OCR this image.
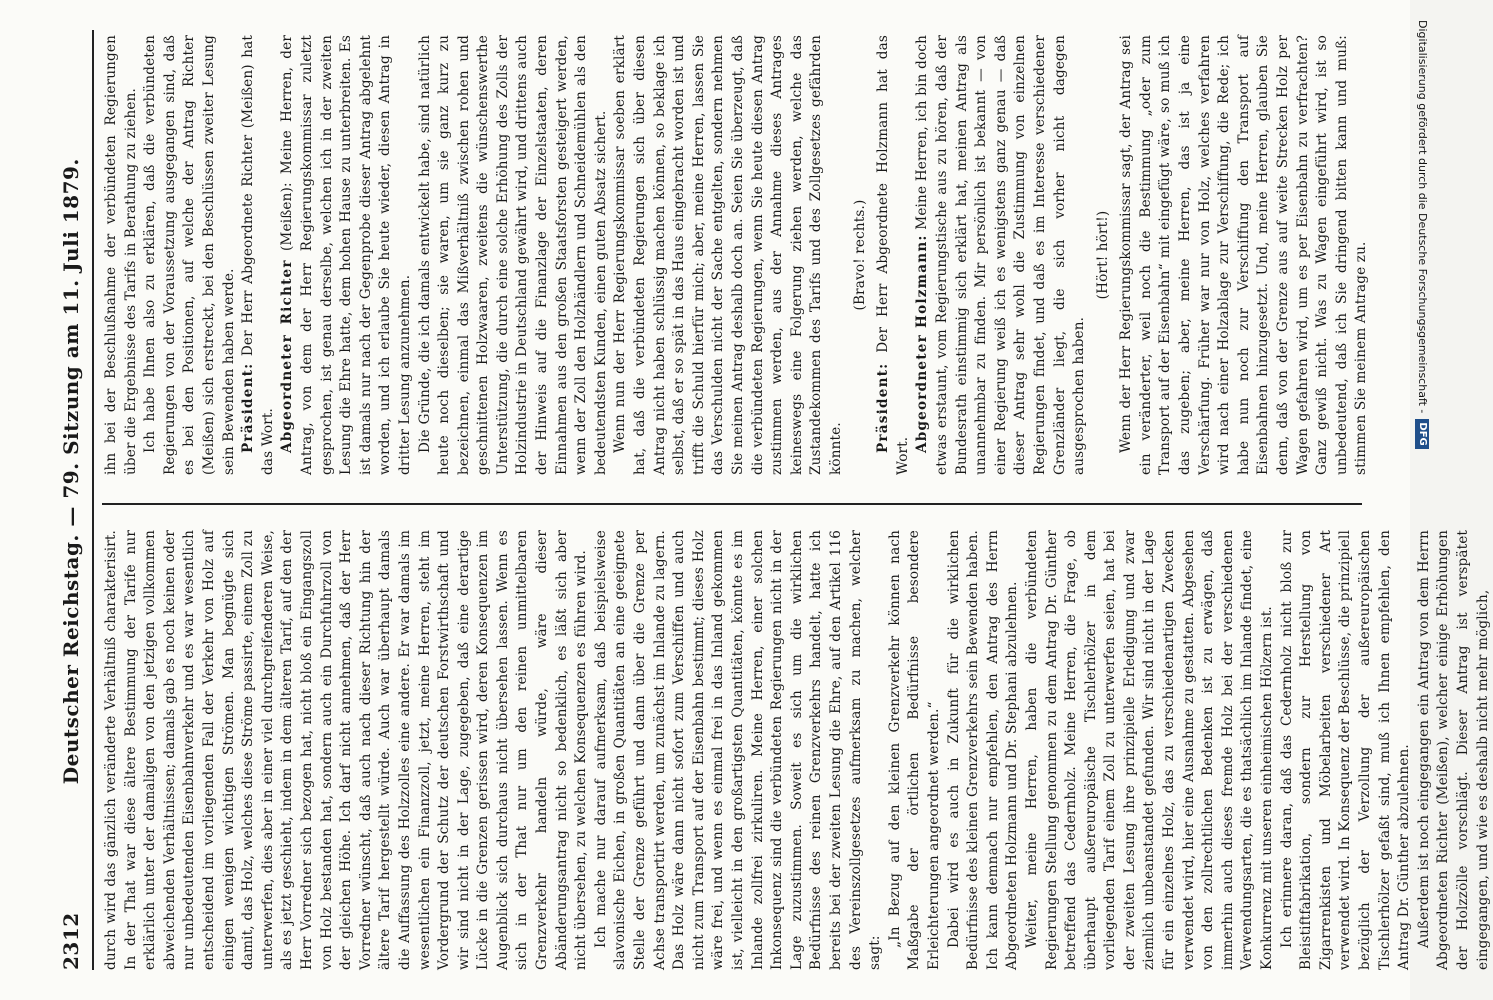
2312
Deutscher Reichstag. — 79. Sitzung am 11. Juli 1879. durch wird das gänzlich veränderte Verhältniß charakterisirt. In der That war diese ältere Bestimmung der Tarife nur erklärlich unter der damaligen von den jetzigen vollkommen abweichenden Verhältnissen; damals gab es noch keinen oder nur unbedeutenden Eisenbahnverkehr und es war wesentlich entscheidend im vorliegenden Fall der Verkehr von Holz auf einigen wenigen wichtigen Strömen. Man begnügte sich damit, das Holz, welches diese Ströme passirte, einem Zoll zu unterwerfen, dies aber in einer viel durchgreifenderen Weise, als es jetzt geschieht, indem in dem älteren Tarif, auf den der Herr Vorredner sich bezogen hat, nicht bloß ein Eingangszoll von Holz bestanden hat, sondern auch ein Durchfuhrzoll von der gleichen Höhe. Ich darf nicht annehmen, daß der Herr Vorredner wünscht, daß auch nach dieser Richtung hin der ältere Tarif hergestellt würde. Auch war überhaupt damals die Auffassung des Holzzolles eine andere. Er war damals im wesentlichen ein Finanzzoll, jetzt, meine Herren, steht im Vordergrund der Schutz der deutschen Forstwirthschaft und wir sind nicht in der Lage, zugegeben, daß eine derartige Lücke in die Grenzen gerissen wird, deren Konsequenzen im Augenblick sich durchaus nicht übersehen lassen. Wenn es sich in der That nur um den reinen unmittelbaren Grenzverkehr handeln würde, wäre dieser Abänderungsantrag nicht so bedenklich, es läßt sich aber nicht übersehen, zu welchen Konsequenzen es führen wird. Ich mache nur darauf aufmerksam, daß beispielsweise slavonische Eichen, in großen Quantitäten an eine geeignete Stelle der Grenze geführt und dann über die Grenze per Achse transportirt werden, um zunächst im Inlande zu lagern. Das Holz wäre dann nicht sofort zum Verschiffen und auch nicht zum Transport auf der Eisenbahn bestimmt; dieses Holz wäre frei, und wenn es einmal frei in das Inland gekommen ist, vielleicht in den großartigsten Quantitäten, könnte es im Inlande zollfrei zirkuliren. Meine Herren, einer solchen Inkonsequenz sind die verbündeten Regierungen nicht in der Lage zuzustimmen. Soweit es sich um die wirklichen Bedürfnisse des reinen Grenzverkehrs handelt, hatte ich bereits bei der zweiten Lesung die Ehre, auf den Artikel 116 des Vereinszollgesetzes aufmerksam zu machen, welcher sagt:

„In Bezug auf den kleinen Grenzverkehr können nach Maßgabe der örtlichen Bedürfnisse besondere Erleichterungen angeordnet werden.“ Dabei wird es auch in Zukunft für die wirklichen Bedürfnisse des kleinen Grenzverkehrs sein Bewenden haben. Ich kann demnach nur empfehlen, den Antrag des Herrn Abgeordneten Holzmann und Dr. Stephani abzulehnen. Weiter, meine Herren, haben die verbündeten Regierungen Stellung genommen zu dem Antrag Dr. Günther betreffend das Cedernholz. Meine Herren, die Frage, ob überhaupt außereuropäische Tischlerhölzer in dem vorliegenden Tarif einem Zoll zu unterwerfen seien, hat bei der zweiten Lesung ihre prinzipielle Erledigung und zwar ziemlich unbeanstandet gefunden. Wir sind nicht in der Lage für ein einzelnes Holz, das zu verschiedenartigen Zwecken verwendet wird, hier eine Ausnahme zu gestatten. Abgesehen von den zollrechtlichen Bedenken ist zu erwägen, daß immerhin auch dieses fremde Holz bei der verschiedenen Verwendungsarten, die es thatsächlich im Inlande findet, eine Konkurrenz mit unseren einheimischen Hölzern ist. Ich erinnere daran, daß das Cedernholz nicht bloß zur Bleistiftfabrikation, sondern zur Herstellung von Zigarrenkisten und Möbelarbeiten verschiedener Art verwendet wird. In Konsequenz der Beschlüsse, die prinzipiell bezüglich der Verzollung der außereuropäischen Tischlerhölzer gefaßt sind, muß ich Ihnen empfehlen, den Antrag Dr. Günther abzulehnen. Außerdem ist noch eingegangen ein Antrag von dem Herrn Abgeordneten Richter (Meißen), welcher einige Erhöhungen der Holzzölle vorschlägt. Dieser Antrag ist verspätet eingegangen, und wie es deshalb nicht mehr möglich,

ihn bei der Beschlußnahme der verbündeten Regierungen über die Ergebnisse des Tarifs in Berathung zu ziehen. Ich habe Ihnen also zu erklären, daß die verbündeten Regierungen von der Voraussetzung ausgegangen sind, daß es bei den Positionen, auf welche der Antrag Richter (Meißen) sich erstreckt, bei den Beschlüssen zweiter Lesung sein Bewenden haben werde. Präsident: Der Herr Abgeordnete Richter (Meißen) hat das Wort. Abgeordneter Richter (Meißen): Meine Herren, der Antrag, von dem der Herr Regierungskommissar zuletzt gesprochen, ist genau derselbe, welchen ich in der zweiten Lesung die Ehre hatte, dem hohen Hause zu unterbreiten. Es ist damals nur nach der Gegenprobe dieser Antrag abgelehnt worden, und ich erlaube Sie heute wieder, diesen Antrag in dritter Lesung anzunehmen. Die Gründe, die ich damals entwickelt habe, sind natürlich heute noch dieselben; sie waren, um sie ganz kurz zu bezeichnen, einmal das Mißverhältniß zwischen rohen und geschnittenen Holzwaaren, zweitens die wünschenswerthe Unterstützung, die durch eine solche Erhöhung des Zolls der Holzindustrie in Deutschland gewährt wird, und drittens auch der Hinweis auf die Finanzlage der Einzelstaaten, deren Einnahmen aus den großen Staatsforsten gesteigert werden, wenn der Zoll den Holzhändlern und Schneidemühlen als den bedeutendsten Kunden, einen guten Absatz sichert. Wenn nun der Herr Regierungskommissar soeben erklärt hat, daß die verbündeten Regierungen sich über diesen Antrag nicht haben schlüssig machen können, so beklage ich selbst, daß er so spät in das Haus eingebracht worden ist und trifft die Schuld hierfür mich; aber, meine Herren, lassen Sie das Verschulden nicht der Sache entgelten, sondern nehmen Sie meinen Antrag deshalb doch an. Seien Sie überzeugt, daß die verbündeten Regierungen, wenn Sie heute diesen Antrag zustimmen werden, aus der Annahme dieses Antrages keineswegs eine Folgerung ziehen werden, welche das Zustandekommen des Tarifs und des Zollgesetzes gefährden könnte.

(Bravo! rechts.)

Präsident: Der Herr Abgeordnete Holzmann hat das Wort.

Abgeordneter Holzmann: Meine Herren, ich bin doch etwas erstaunt, vom Regierungstische aus zu hören, daß der Bundesrath einstimmig sich erklärt hat, meinen Antrag als unannehmbar zu finden. Mir persönlich ist bekannt — von einer Regierung weiß ich es wenigstens ganz genau — daß dieser Antrag sehr wohl die Zustimmung von einzelnen Regierungen findet, und daß es im Interesse verschiedener Grenzländer liegt, die sich vorher nicht dagegen ausgesprochen haben.

(Hört! hört!) Wenn der Herr Regierungskommissar sagt, der Antrag sei ein veränderter, weil noch die Bestimmung „oder zum Transport auf der Eisenbahn“ mit eingefügt wäre, so muß ich das zugeben; aber, meine Herren, das ist ja eine Verschärfung. Früher war nur von Holz, welches verfahren wird nach einer Holzablage zur Verschiffung, die Rede; ich habe nun noch zur Verschiffung den Transport auf Eisenbahnen hinzugesetzt. Und, meine Herren, glauben Sie denn, daß von der Grenze aus auf weite Strecken Holz per Wagen gefahren wird, um es per Eisenbahn zu verfrachten? Ganz gewiß nicht. Was zu Wagen eingeführt wird, ist so unbedeutend, daß ich Sie dringend bitten kann und muß: stimmen Sie meinem Antrage zu.	Digitalisierung gefördert durch die Deutsche Forschungsgemeinschaft -
DFG
